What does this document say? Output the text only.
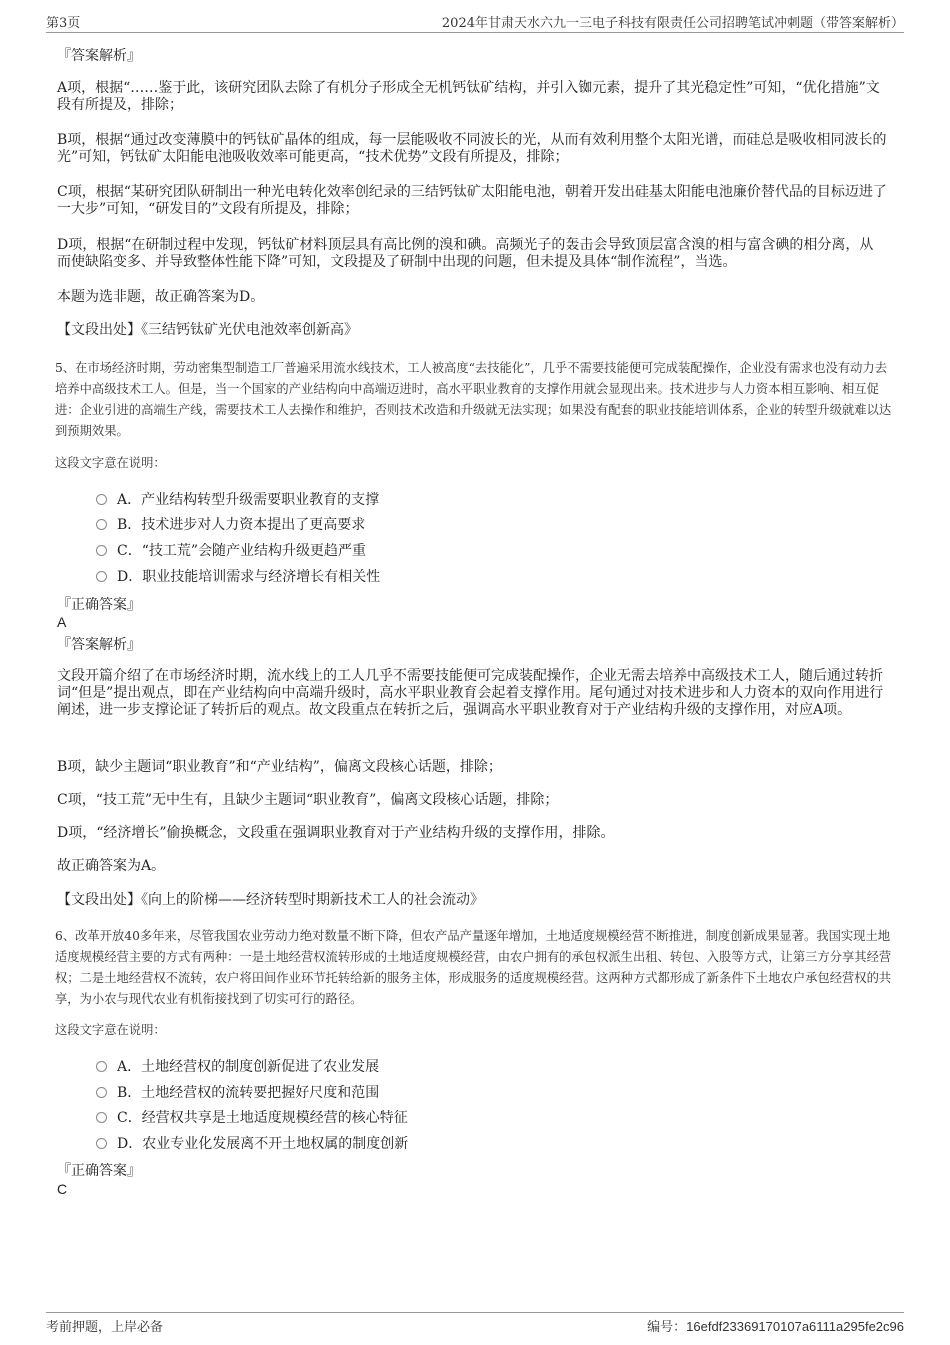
第3页	2024年甘肃天水六九一三电子科技有限责任公司招聘笔试冲刺题（带答案解析）
『答案解析』

A项，根据“……鉴于此，该研究团队去除了有机分子形成全无机钙钛矿结构，并引入铷元素，提升了其光稳定性”可知，“优化措施”文段有所提及，排除；

B项，根据“通过改变薄膜中的钙钛矿晶体的组成，每一层能吸收不同波长的光，从而有效利用整个太阳光谱，而硅总是吸收相同波长的光”可知，钙钛矿太阳能电池吸收效率可能更高，“技术优势”文段有所提及，排除；

C项，根据“某研究团队研制出一种光电转化效率创纪录的三结钙钛矿太阳能电池，朝着开发出硅基太阳能电池廉价替代品的目标迈进了一大步”可知，“研发目的”文段有所提及，排除；

D项，根据“在研制过程中发现，钙钛矿材料顶层具有高比例的溴和碘。高频光子的轰击会导致顶层富含溴的相与富含碘的相分离，从而使缺陷变多、并导致整体性能下降”可知，文段提及了研制中出现的问题，但未提及具体“制作流程”，当选。

本题为选非题，故正确答案为D。

【文段出处】《三结钙钛矿光伏电池效率创新高》

5、在市场经济时期，劳动密集型制造工厂普遍采用流水线技术，工人被高度“去技能化”，几乎不需要技能便可完成装配操作，企业没有需求也没有动力去培养中高级技术工人。但是，当一个国家的产业结构向中高端迈进时，高水平职业教育的支撑作用就会显现出来。技术进步与人力资本相互影响、相互促进：企业引进的高端生产线，需要技术工人去操作和维护，否则技术改造和升级就无法实现；如果没有配套的职业技能培训体系，企业的转型升级就难以达到预期效果。

这段文字意在说明：

A．产业结构转型升级需要职业教育的支撑
B．技术进步对人力资本提出了更高要求
C．“技工荒”会随产业结构升级更趋严重
D．职业技能培训需求与经济增长有相关性
『正确答案』
A
『答案解析』

文段开篇介绍了在市场经济时期，流水线上的工人几乎不需要技能便可完成装配操作，企业无需去培养中高级技术工人，随后通过转折词“但是”提出观点，即在产业结构向中高端升级时，高水平职业教育会起着支撑作用。尾句通过对技术进步和人力资本的双向作用进行阐述，进一步支撑论证了转折后的观点。故文段重点在转折之后，强调高水平职业教育对于产业结构升级的支撑作用，对应A项。

B项，缺少主题词“职业教育”和“产业结构”，偏离文段核心话题，排除；

C项，“技工荒”无中生有，且缺少主题词“职业教育”，偏离文段核心话题，排除；

D项，“经济增长”偷换概念，文段重在强调职业教育对于产业结构升级的支撑作用，排除。

故正确答案为A。

【文段出处】《向上的阶梯——经济转型时期新技术工人的社会流动》

6、改革开放40多年来，尽管我国农业劳动力绝对数量不断下降，但农产品产量逐年增加，土地适度规模经营不断推进，制度创新成果显著。我国实现土地适度规模经营主要的方式有两种：一是土地经营权流转形成的土地适度规模经营，由农户拥有的承包权派生出租、转包、入股等方式，让第三方分享其经营权；二是土地经营权不流转，农户将田间作业环节托转给新的服务主体，形成服务的适度规模经营。这两种方式都形成了新条件下土地农户承包经营权的共享，为小农与现代农业有机衔接找到了切实可行的路径。

这段文字意在说明：

A．土地经营权的制度创新促进了农业发展
B．土地经营权的流转要把握好尺度和范围
C．经营权共享是土地适度规模经营的核心特征
D．农业专业化发展离不开土地权属的制度创新
『正确答案』
C
考前押题，上岸必备	编号：16efdf23369170107a6111a295fe2c96
